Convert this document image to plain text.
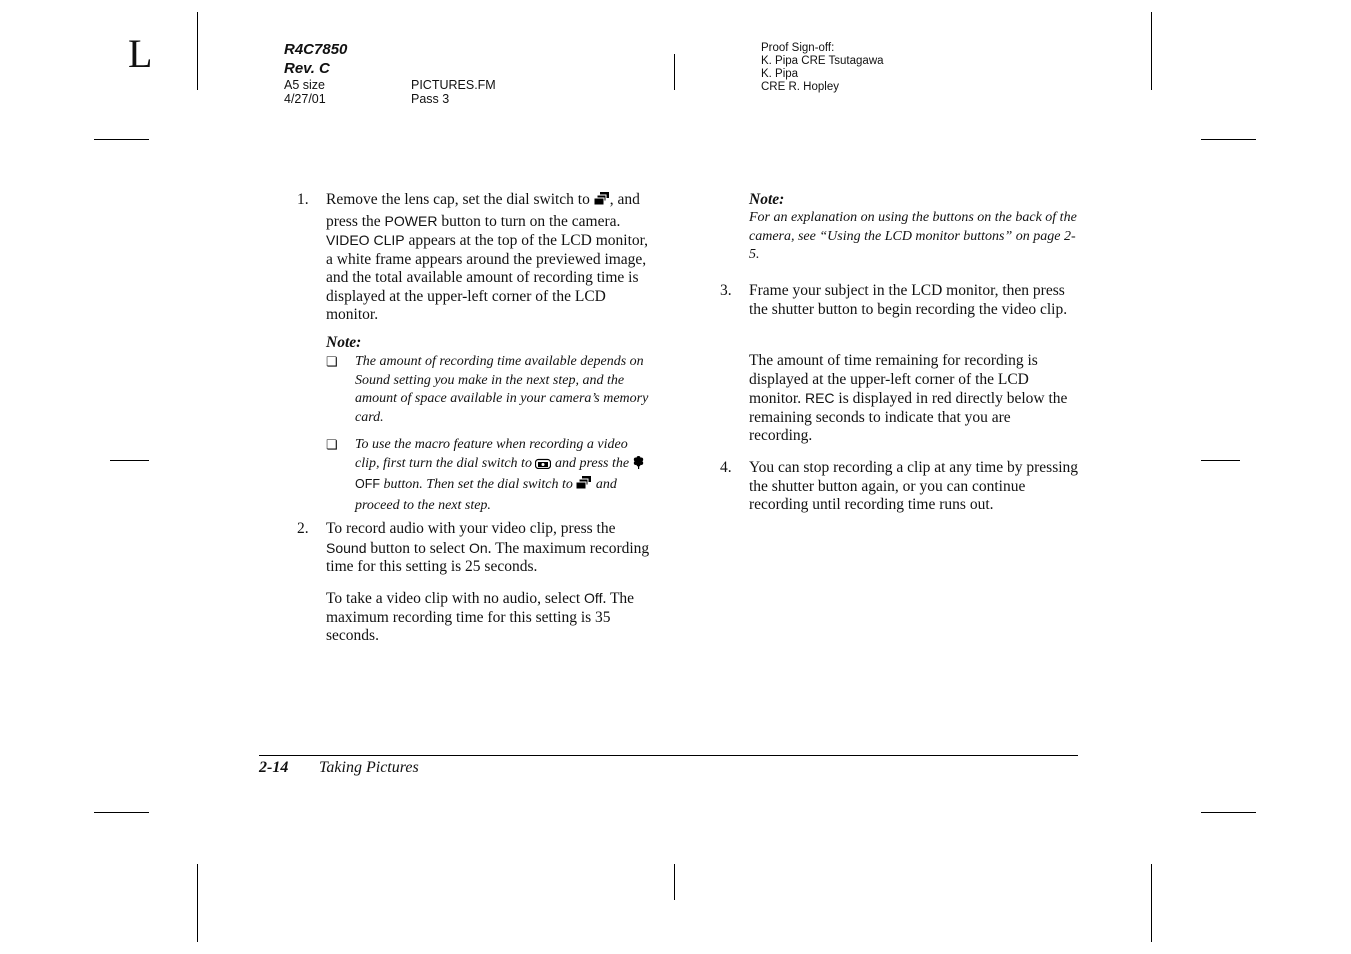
L	R4C7850
Rev. C
A5 size
4/27/01
PICTURES.FM
Pass 3
Proof Sign-off:
K. Pipa CRE Tsutagawa
K. Pipa
CRE R. Hopley
1. Remove the lens cap, set the dial switch to , and press the POWER button to turn on the camera. VIDEO CLIP appears at the top of the LCD monitor, a white frame appears around the previewed image, and the total available amount of recording time is displayed at the upper-left corner of the LCD monitor.
Note:
❏ The amount of recording time available depends on Sound setting you make in the next step, and the amount of space available in your camera’s memory card.
❏ To use the macro feature when recording a video clip, first turn the dial switch to  and press the OFF button. Then set the dial switch to  and proceed to the next step.
2. To record audio with your video clip, press the Sound button to select On. The maximum recording time for this setting is 25 seconds.
To take a video clip with no audio, select Off. The maximum recording time for this setting is 35 seconds.
Note:
For an explanation on using the buttons on the back of the camera, see “Using the LCD monitor buttons” on page 2-5.
3. Frame your subject in the LCD monitor, then press the shutter button to begin recording the video clip.
The amount of time remaining for recording is displayed at the upper-left corner of the LCD monitor. REC is displayed in red directly below the remaining seconds to indicate that you are recording.
4. You can stop recording a clip at any time by pressing the shutter button again, or you can continue recording until recording time runs out.
2-14 Taking Pictures
